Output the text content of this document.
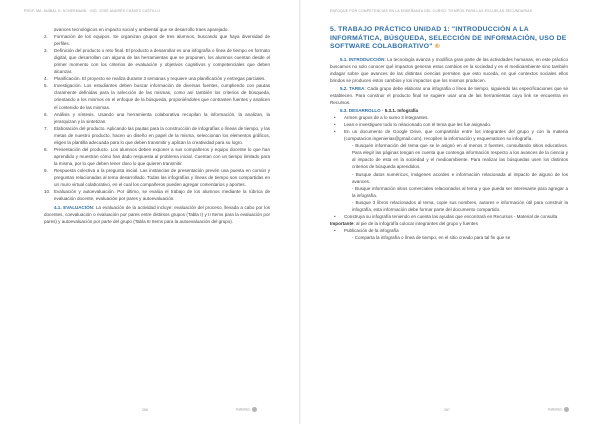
PROF. MA. ANÍBAL D. SCHERMANN · ING. JOSÉ ANDRÉS CHÁVEZ CASTILLO

avances tecnológicos en impacto social y ambiental que se desarrollo traes aparejado.

2. Formación de los equipos. Se organizan grupos de tres alumnos, buscando que haya diversidad de perfiles.

3. Definición del producto o reto final. El producto a desarrollar es una infografía o línea de tiempo en formato digital, que desarrollan con alguna de las herramientas que se proponen, los alumnos cuentan desde el primer momento con los criterios de evaluación y objetivos cognitivos y competenciales que deben alcanzar.

4. Planificación. El proyecto se realiza durante 3 semanas y requiere una planificación y entregas parciales.

5. Investigación. Los estudiantes deben buscar información de diversas fuentes, cumpliendo con pautas claramente definidas para la selección de las mismas, como así también los criterios de búsqueda, orientando a los mismos en el enfoque de la búsqueda, proponiéndoles que contrasten fuentes y analicen el contenido de las mismas.

6. Análisis y síntesis. Usando una herramienta colaborativa recopilan la información, la analizan, la jerarquizan y la sintetizan.

7. Elaboración del producto. Aplicando las pautas para la construcción de infografías o líneas de tiempo, y las metas de nuestro producto, hacen un diseño en papel de la misma, seleccionan los elementos gráficos, eligen la plantilla adecuada para lo que deben transmitir y aplican la creatividad para su logro.

8. Presentación del producto. Los alumnos deben exponer a sus compañeros y equipo docente lo que han aprendido y muestran cómo han dado respuesta al problema inicial. Cuentan con un tiempo limitado para la misma, por lo que deben tener claro lo que quieren transmitir.

9. Respuesta colectiva a la pregunta inicial. Las instancias de presentación prevén una puesta en común y preguntas relacionadas al tema desarrollado. Todas las infografías y líneas de tiempo son compartidas en un muro virtual colaborativo, en el cual los compañeros pueden agregar comentarios y aportes.

10. Evaluación y autoevaluación. Por último, se evalúa el trabajo de los alumnos mediante la rúbrica de evaluación docente, evaluación por pares y autoevaluación.

4.1. EVALUACIÓN: La evaluación de la actividad incluye: evaluación del proceso, llevada a cabo por los docentes, coevaluación o evaluación por pares entre distintos grupos (Tabla I) y II Items para la evaluación por pares) y autoevaluación por parte del grupo (Tabla III Items para la autoevaluación del grupo).

266	Kaltefaro
ENFOQUE POR COMPETENCIAS EN LA ENSEÑANZA DEL CURSO: TIEMPOS PARA LAS ESCUELAS SECUNDARIAS

5. TRABAJO PRÁCTICO UNIDAD 1: "INTRODUCCIÓN A LA INFORMÁTICA, BÚSQUEDA, SELECCIÓN DE INFORMACIÓN, USO DE SOFTWARE COLABORATIVO" ®

5.1. INTRODUCCIÓN: La tecnología avanza y modifica gran parte de las actividades humanas, en este práctico buscamos no solo conocer qué impactos generan estos cambios en la sociedad y en el medioambiente sino también indagar sobre que avances de las distintas ciencias permiten que esto suceda, en qué contextos sociales ellos brindos se producen estos cambios y los impactos que los mismos producen.

5.2. TAREA: Cada grupo debe elaborar una infografía o línea de tiempo, siguiendo las especificaciones que se establecen. Para construir el producto final se sugiere usar una de las herramientas cuyo link se encuentra en Recursos.

5.3. DESARROLLO · 5.3.1. Infografía

• Armen grupos de a lo sumo 3 integrantes.

• Lean e investiguen todo lo relacionado con el tema que les fue asignado.

• En un documento de Google Drive, que compartirán entre los integrantes del grupo y con la materia (computacion.ingenierias@gmail.com), recopilen la información y esquematicen su infografía.

- Busquén información del tema que se le asignó en al menos 3 fuentes, consultando sitios educativos. Para elegir las páginas tengan en cuenta que contenga información respecto a los avances de la ciencia y al impacto de esta en la sociedad y el medioambiente. Para realizar las búsquedas usen los distintos criterios de búsqueda aprendidos.

- Busque datos numéricos, imágenes acordes e información relacionada al impacto de alguno de los avances.

- Busque información sitios comerciales relacionados al tema y que pueda ser interesante para agregar a la infografía.

- Busque 3 libros relacionados al tema, copie sus nombres, autores e información útil para construir la infografía, esta información debe formar parte del documento compartido.

• Construya su infografía teniendo en cuenta las ayudas que encontrará en Recursos - Material de consulta

Importante: al pie de la infografía colocar integrantes del grupo y fuentes

• Publicación de la infografía

- Comparta la infografía o línea de tiempo, en el sitio creado para tal fin que se

267	Kaltefaro
